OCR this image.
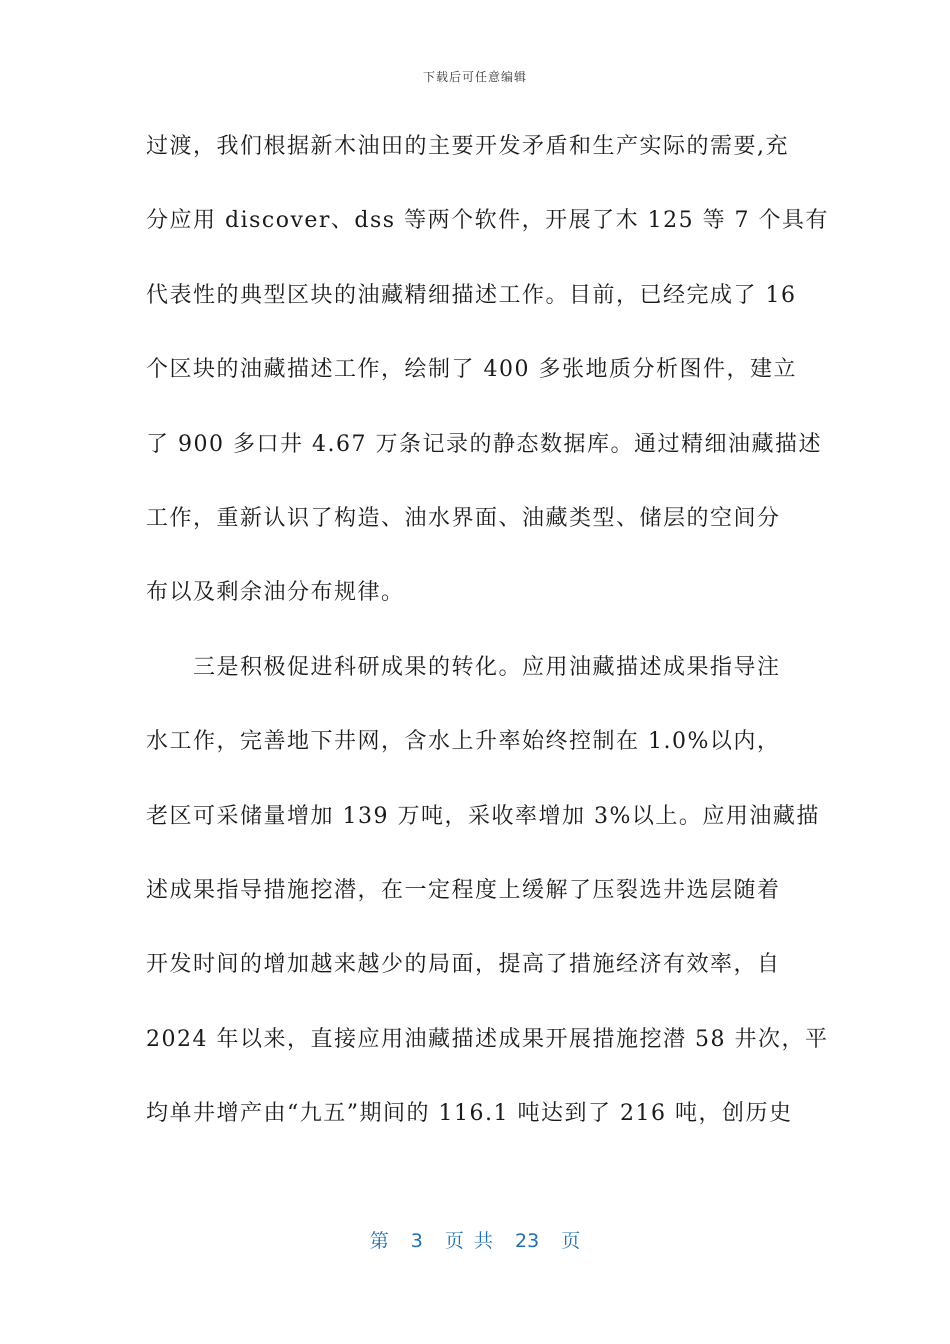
下载后可任意编辑
过渡，我们根据新木油田的主要开发矛盾和生产实际的需要,充
分应用 discover、dss 等两个软件，开展了木 125 等 7 个具有
代表性的典型区块的油藏精细描述工作。目前，已经完成了 16
个区块的油藏描述工作，绘制了 400 多张地质分析图件，建立
了 900 多口井 4.67 万条记录的静态数据库。通过精细油藏描述
工作，重新认识了构造、油水界面、油藏类型、储层的空间分
布以及剩余油分布规律。
　　三是积极促进科研成果的转化。应用油藏描述成果指导注
水工作，完善地下井网，含水上升率始终控制在 1.0%以内，
老区可采储量增加 139 万吨，采收率增加 3%以上。应用油藏描
述成果指导措施挖潜，在一定程度上缓解了压裂选井选层随着
开发时间的增加越来越少的局面，提高了措施经济有效率，自
2024 年以来，直接应用油藏描述成果开展措施挖潜 58 井次，平
均单井增产由“九五”期间的 116.1 吨达到了 216 吨，创历史
第 3 页 共 23 页
